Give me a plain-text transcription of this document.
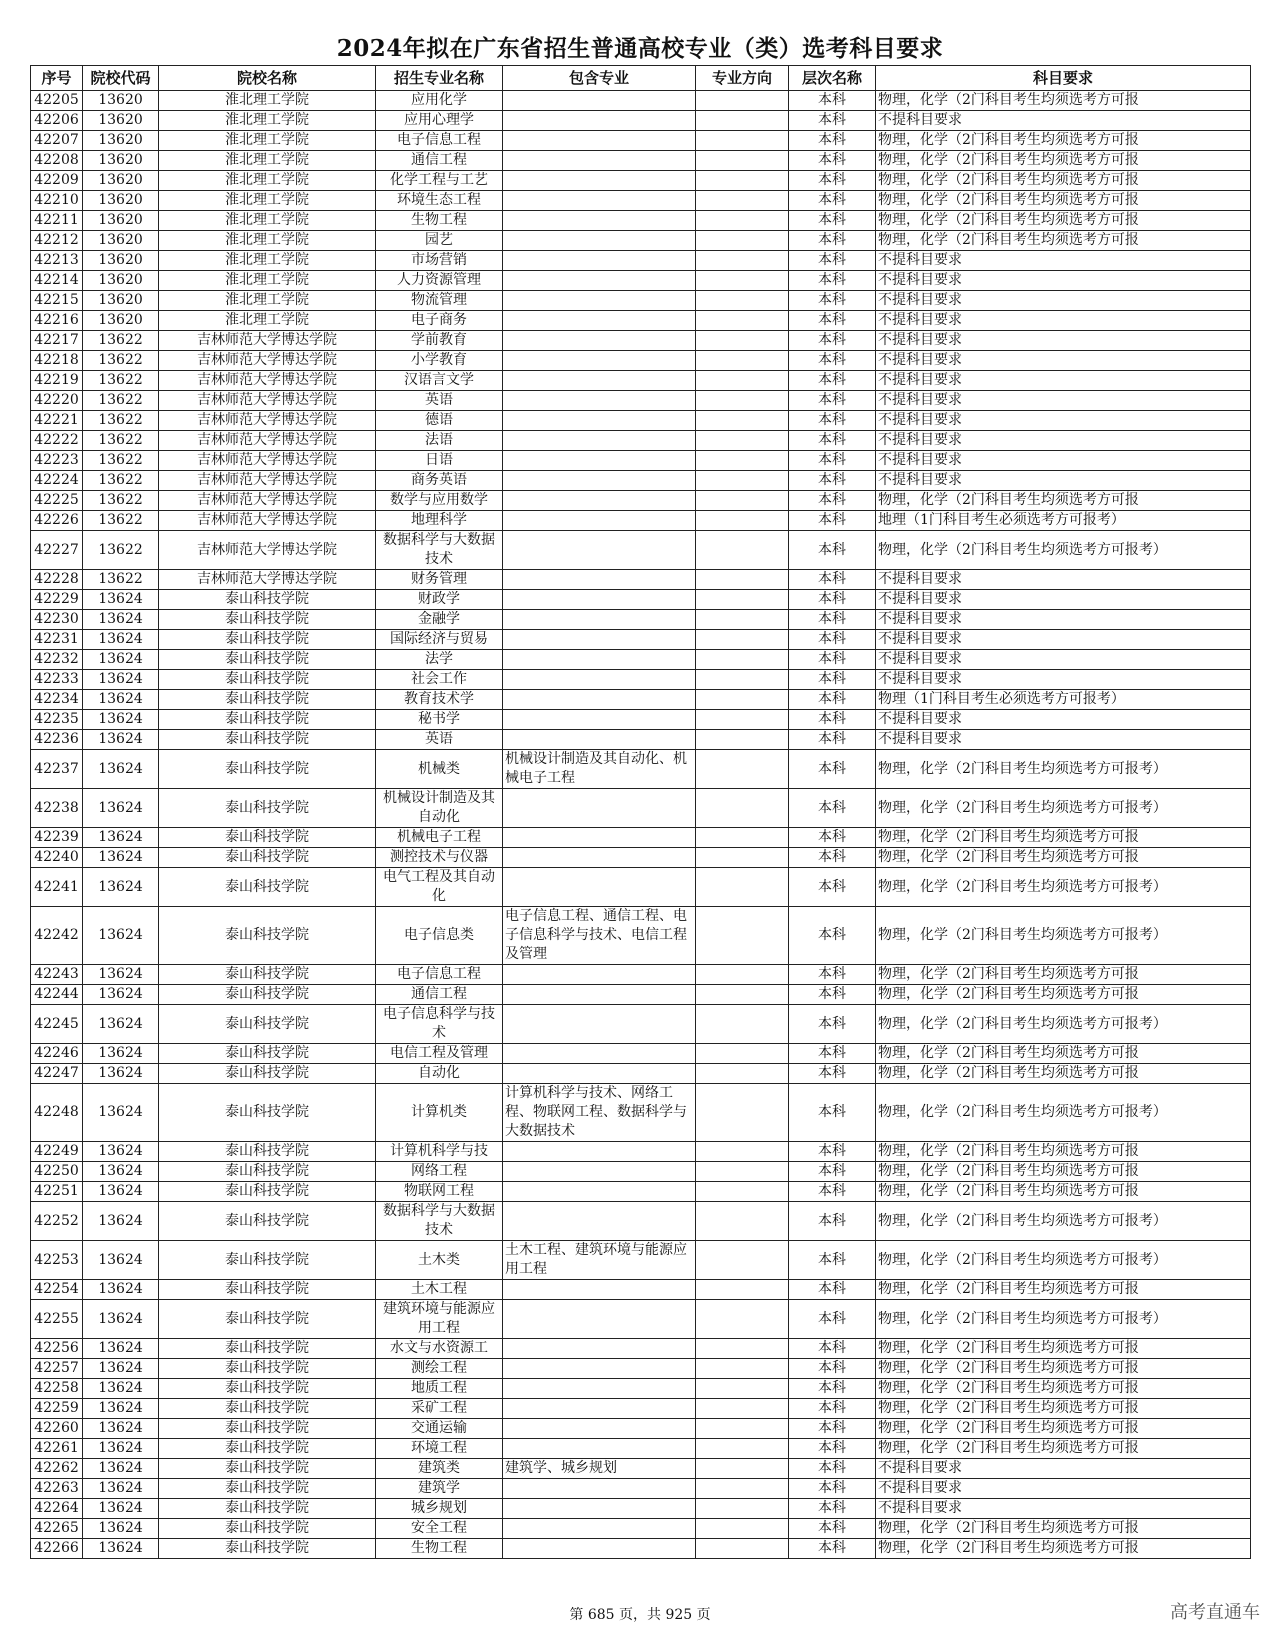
2024年拟在广东省招生普通高校专业（类）选考科目要求
序号	院校代码	院校名称	招生专业名称	包含专业	专业方向	层次名称	科目要求
42205	13620	淮北理工学院	应用化学			本科	物理，化学（2门科目考生均须选考方可报
42206	13620	淮北理工学院	应用心理学			本科	不提科目要求
42207	13620	淮北理工学院	电子信息工程			本科	物理，化学（2门科目考生均须选考方可报
42208	13620	淮北理工学院	通信工程			本科	物理，化学（2门科目考生均须选考方可报
42209	13620	淮北理工学院	化学工程与工艺			本科	物理，化学（2门科目考生均须选考方可报
42210	13620	淮北理工学院	环境生态工程			本科	物理，化学（2门科目考生均须选考方可报
42211	13620	淮北理工学院	生物工程			本科	物理，化学（2门科目考生均须选考方可报
42212	13620	淮北理工学院	园艺			本科	物理，化学（2门科目考生均须选考方可报
42213	13620	淮北理工学院	市场营销			本科	不提科目要求
42214	13620	淮北理工学院	人力资源管理			本科	不提科目要求
42215	13620	淮北理工学院	物流管理			本科	不提科目要求
42216	13620	淮北理工学院	电子商务			本科	不提科目要求
42217	13622	吉林师范大学博达学院	学前教育			本科	不提科目要求
42218	13622	吉林师范大学博达学院	小学教育			本科	不提科目要求
42219	13622	吉林师范大学博达学院	汉语言文学			本科	不提科目要求
42220	13622	吉林师范大学博达学院	英语			本科	不提科目要求
42221	13622	吉林师范大学博达学院	德语			本科	不提科目要求
42222	13622	吉林师范大学博达学院	法语			本科	不提科目要求
42223	13622	吉林师范大学博达学院	日语			本科	不提科目要求
42224	13622	吉林师范大学博达学院	商务英语			本科	不提科目要求
42225	13622	吉林师范大学博达学院	数学与应用数学			本科	物理，化学（2门科目考生均须选考方可报
42226	13622	吉林师范大学博达学院	地理科学			本科	地理（1门科目考生必须选考方可报考）
42227	13622	吉林师范大学博达学院	数据科学与大数据技术			本科	物理，化学（2门科目考生均须选考方可报考）
42228	13622	吉林师范大学博达学院	财务管理			本科	不提科目要求
42229	13624	泰山科技学院	财政学			本科	不提科目要求
42230	13624	泰山科技学院	金融学			本科	不提科目要求
42231	13624	泰山科技学院	国际经济与贸易			本科	不提科目要求
42232	13624	泰山科技学院	法学			本科	不提科目要求
42233	13624	泰山科技学院	社会工作			本科	不提科目要求
42234	13624	泰山科技学院	教育技术学			本科	物理（1门科目考生必须选考方可报考）
42235	13624	泰山科技学院	秘书学			本科	不提科目要求
42236	13624	泰山科技学院	英语			本科	不提科目要求
42237	13624	泰山科技学院	机械类	机械设计制造及其自动化、机械电子工程		本科	物理，化学（2门科目考生均须选考方可报考）
42238	13624	泰山科技学院	机械设计制造及其自动化			本科	物理，化学（2门科目考生均须选考方可报考）
42239	13624	泰山科技学院	机械电子工程			本科	物理，化学（2门科目考生均须选考方可报
42240	13624	泰山科技学院	测控技术与仪器			本科	物理，化学（2门科目考生均须选考方可报
42241	13624	泰山科技学院	电气工程及其自动化			本科	物理，化学（2门科目考生均须选考方可报考）
42242	13624	泰山科技学院	电子信息类	电子信息工程、通信工程、电子信息科学与技术、电信工程及管理		本科	物理，化学（2门科目考生均须选考方可报考）
42243	13624	泰山科技学院	电子信息工程			本科	物理，化学（2门科目考生均须选考方可报
42244	13624	泰山科技学院	通信工程			本科	物理，化学（2门科目考生均须选考方可报
42245	13624	泰山科技学院	电子信息科学与技术			本科	物理，化学（2门科目考生均须选考方可报考）
42246	13624	泰山科技学院	电信工程及管理			本科	物理，化学（2门科目考生均须选考方可报
42247	13624	泰山科技学院	自动化			本科	物理，化学（2门科目考生均须选考方可报
42248	13624	泰山科技学院	计算机类	计算机科学与技术、网络工程、物联网工程、数据科学与大数据技术		本科	物理，化学（2门科目考生均须选考方可报考）
42249	13624	泰山科技学院	计算机科学与技			本科	物理，化学（2门科目考生均须选考方可报
42250	13624	泰山科技学院	网络工程			本科	物理，化学（2门科目考生均须选考方可报
42251	13624	泰山科技学院	物联网工程			本科	物理，化学（2门科目考生均须选考方可报
42252	13624	泰山科技学院	数据科学与大数据技术			本科	物理，化学（2门科目考生均须选考方可报考）
42253	13624	泰山科技学院	土木类	土木工程、建筑环境与能源应用工程		本科	物理，化学（2门科目考生均须选考方可报考）
42254	13624	泰山科技学院	土木工程			本科	物理，化学（2门科目考生均须选考方可报
42255	13624	泰山科技学院	建筑环境与能源应用工程			本科	物理，化学（2门科目考生均须选考方可报考）
42256	13624	泰山科技学院	水文与水资源工			本科	物理，化学（2门科目考生均须选考方可报
42257	13624	泰山科技学院	测绘工程			本科	物理，化学（2门科目考生均须选考方可报
42258	13624	泰山科技学院	地质工程			本科	物理，化学（2门科目考生均须选考方可报
42259	13624	泰山科技学院	采矿工程			本科	物理，化学（2门科目考生均须选考方可报
42260	13624	泰山科技学院	交通运输			本科	物理，化学（2门科目考生均须选考方可报
42261	13624	泰山科技学院	环境工程			本科	物理，化学（2门科目考生均须选考方可报
42262	13624	泰山科技学院	建筑类	建筑学、城乡规划		本科	不提科目要求
42263	13624	泰山科技学院	建筑学			本科	不提科目要求
42264	13624	泰山科技学院	城乡规划			本科	不提科目要求
42265	13624	泰山科技学院	安全工程			本科	物理，化学（2门科目考生均须选考方可报
42266	13624	泰山科技学院	生物工程			本科	物理，化学（2门科目考生均须选考方可报
第 685 页，共 925 页	高考直通车
